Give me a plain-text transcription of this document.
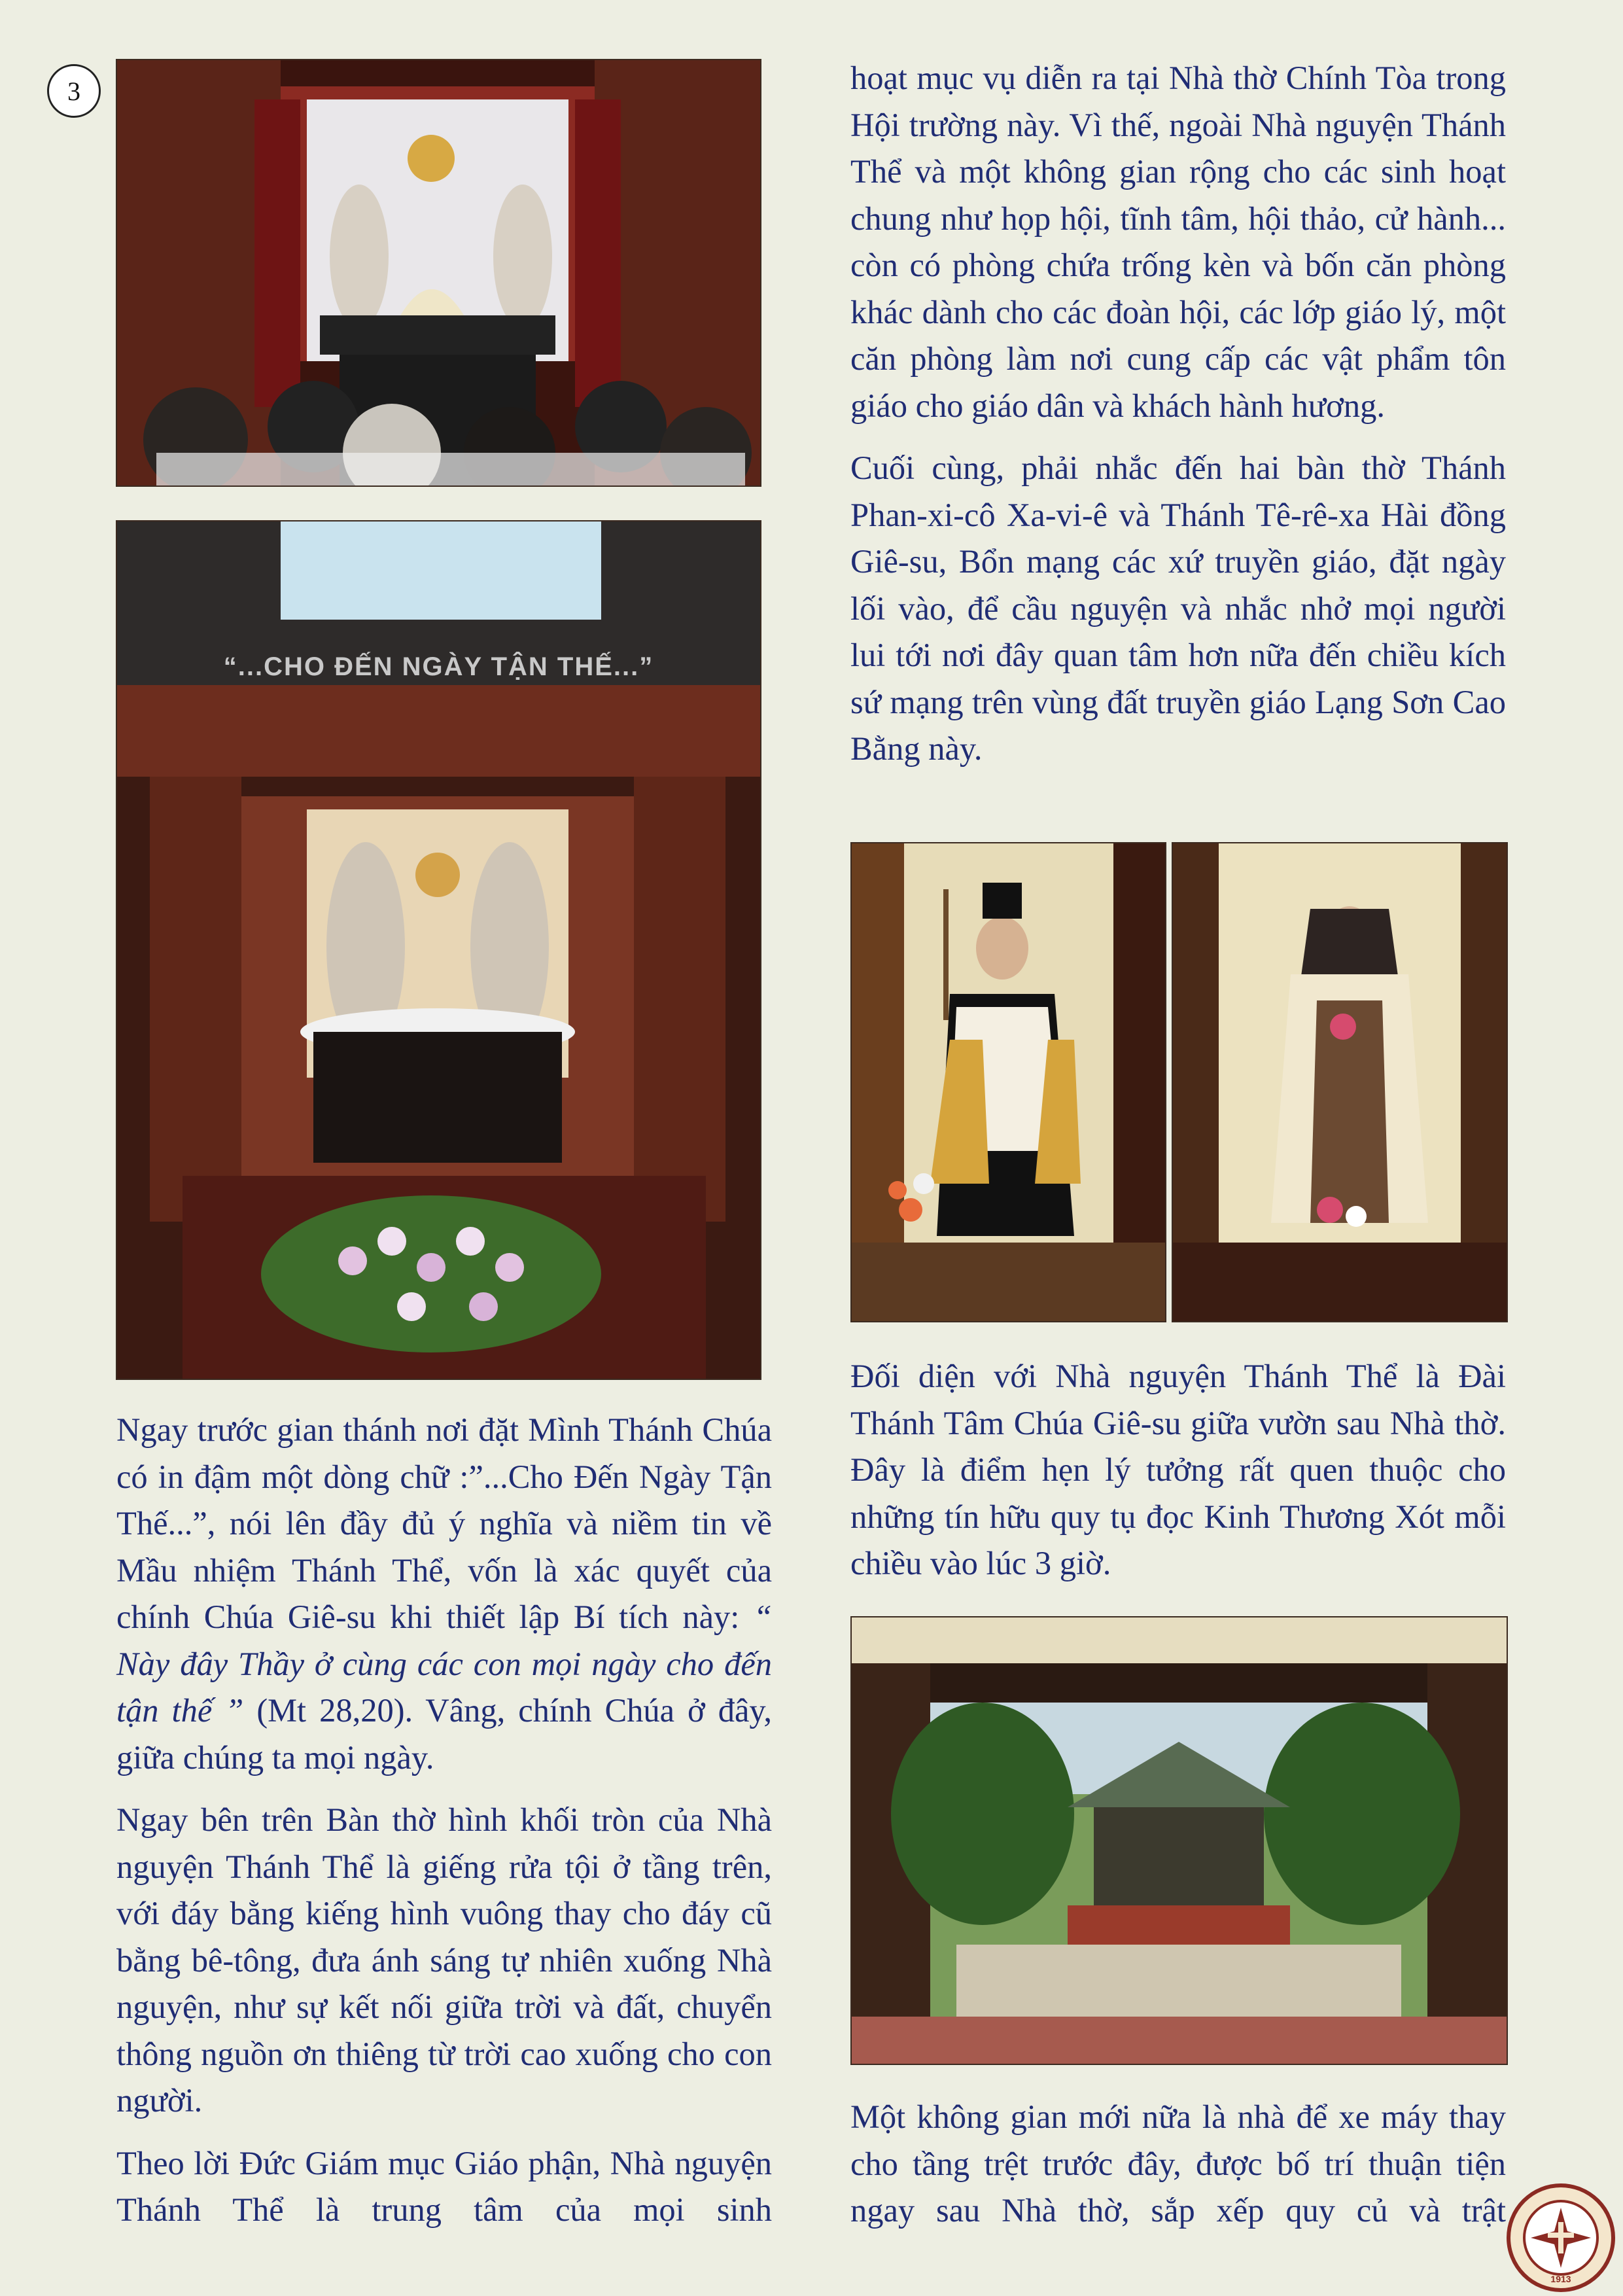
3
“...CHO ĐẾN NGÀY TẬN THẾ...”

Ngay trước gian thánh nơi đặt Mình Thánh Chúa có in đậm một dòng chữ :”...Cho Đến Ngày Tận Thế...”, nói lên đầy đủ ý nghĩa và niềm tin về Mầu nhiệm Thánh Thể, vốn là xác quyết của chính Chúa Giê-su khi thiết lập Bí tích này: “ Này đây Thầy ở cùng các con mọi ngày cho đến tận thế ” (Mt 28,20). Vâng, chính Chúa ở đây, giữa chúng ta mọi ngày.

Ngay bên trên Bàn thờ hình khối tròn của Nhà nguyện Thánh Thể là giếng rửa tội ở tầng trên, với đáy bằng kiếng hình vuông thay cho đáy cũ bằng bê-tông, đưa ánh sáng tự nhiên xuống Nhà nguyện, như sự kết nối giữa trời và đất, chuyển thông nguồn ơn thiêng từ trời cao xuống cho con người.

Theo lời Đức Giám mục Giáo phận, Nhà nguyện Thánh Thể là trung tâm của mọi sinh

hoạt mục vụ diễn ra tại Nhà thờ Chính Tòa trong Hội trường này. Vì thế, ngoài Nhà nguyện Thánh Thể và một không gian rộng cho các sinh hoạt chung như họp hội, tĩnh tâm, hội thảo, cử hành... còn có phòng chứa trống kèn và bốn căn phòng khác dành cho các đoàn hội, các lớp giáo lý, một căn phòng làm nơi cung cấp các vật phẩm tôn giáo cho giáo dân và khách hành hương.

Cuối cùng, phải nhắc đến hai bàn thờ Thánh Phan-xi-cô Xa-vi-ê và Thánh Tê-rê-xa Hài đồng Giê-su, Bổn mạng các xứ truyền giáo, đặt ngày lối vào, để cầu nguyện và nhắc nhở mọi người lui tới nơi đây quan tâm hơn nữa đến chiều kích sứ mạng trên vùng đất truyền giáo Lạng Sơn Cao Bằng này.

Đối diện với Nhà nguyện Thánh Thể là Đài Thánh Tâm Chúa Giê-su giữa vườn sau Nhà thờ. Đây là điểm hẹn lý tưởng rất quen thuộc cho những tín hữu quy tụ đọc Kinh Thương Xót mỗi chiều vào lúc 3 giờ.

Một không gian mới nữa là nhà để xe máy thay cho tầng trệt trước đây, được bố trí thuận tiện ngay sau Nhà thờ, sắp xếp quy củ và trật

1913
